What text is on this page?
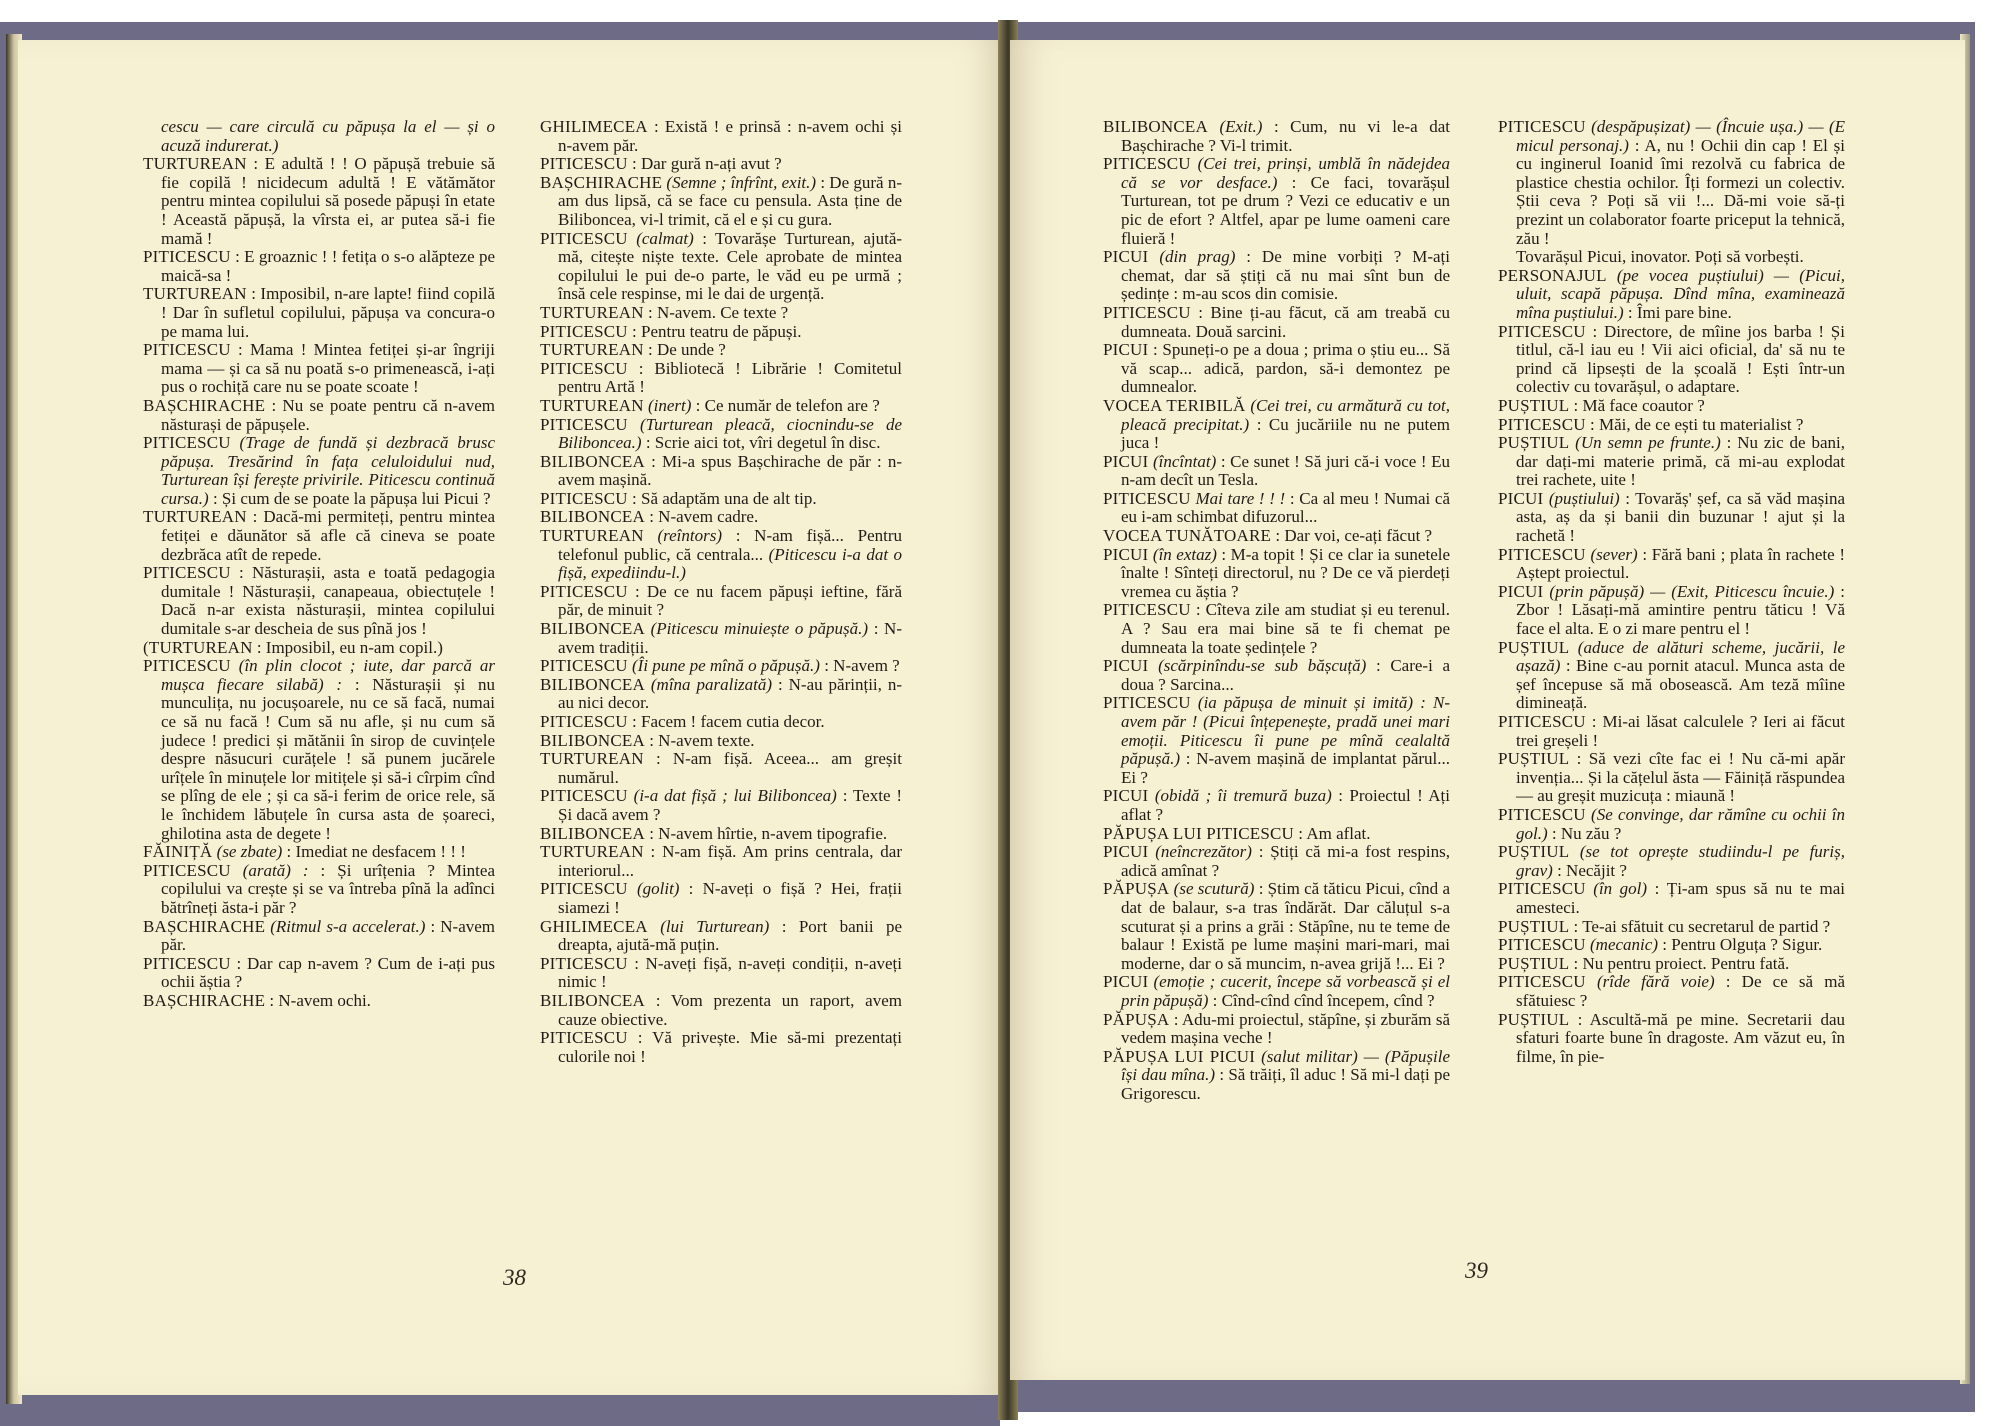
cescu — care circulă cu păpușa la el — și o acuză indurerat.)

TURTUREAN : E adultă ! ! O păpușă trebuie să fie copilă ! nicidecum adultă ! E vătămător pentru mintea copilului să posede păpuși în etate ! Această păpușă, la vîrsta ei, ar putea să-i fie mamă !

PITICESCU : E groaznic ! ! fetița o s-o alăpteze pe maică-sa !

TURTUREAN : Imposibil, n-are lapte! fiind copilă ! Dar în sufletul copilului, păpușa va concura-o pe mama lui.

PITICESCU : Mama ! Mintea fetiței și-ar îngriji mama — și ca să nu poată s-o primenească, i-ați pus o rochiță care nu se poate scoate !

BAȘCHIRACHE : Nu se poate pentru că n-avem năsturași de păpușele.

PITICESCU (Trage de fundă și dezbracă brusc păpușa. Tresărind în fața celuloidului nud, Turturean își ferește privirile. Piticescu continuă cursa.) : Și cum de se poate la păpușa lui Picui ?

TURTUREAN : Dacă-mi permiteți, pentru mintea fetiței e dăunător să afle că cineva se poate dezbrăca atît de repede.

PITICESCU : Năsturașii, asta e toată pedagogia dumitale ! Năsturașii, canapeaua, obiectuțele ! Dacă n-ar exista năsturașii, mintea copilului dumitale s-ar descheia de sus pînă jos !

(TURTUREAN : Imposibil, eu n-am copil.)

PITICESCU (în plin clocot ; iute, dar parcă ar mușca fiecare silabă) : : Năsturașii și nu munculița, nu jocușoarele, nu ce să facă, numai ce să nu facă ! Cum să nu afle, și nu cum să judece ! predici și mătănii în sirop de cuvințele despre năsucuri curățele ! să punem jucărele urîțele în minuțele lor mitițele și să-i cîrpim cînd se plîng de ele ; și ca să-i ferim de orice rele, să le închidem lăbuțele în cursa asta de șoareci, ghilotina asta de degete !

FĂINIȚĂ (se zbate) : Imediat ne desfacem ! ! !

PITICESCU (arată) : : Și urîțenia ? Mintea copilului va crește și se va întreba pînă la adînci bătrîneți ăsta-i păr ?

BAȘCHIRACHE (Ritmul s-a accelerat.) : N-avem păr.

PITICESCU : Dar cap n-avem ? Cum de i-ați pus ochii ăștia ?

BAȘCHIRACHE : N-avem ochi.

GHILIMECEA : Există ! e prinsă : n-avem ochi și n-avem păr.

PITICESCU : Dar gură n-ați avut ?

BAȘCHIRACHE (Semne ; înfrînt, exit.) : De gură n-am dus lipsă, că se face cu pensula. Asta ține de Biliboncea, vi-l trimit, că el e și cu gura.

PITICESCU (calmat) : Tovarășe Turturean, ajută-mă, citește niște texte. Cele aprobate de mintea copilului le pui de-o parte, le văd eu pe urmă ; însă cele respinse, mi le dai de urgență.

TURTUREAN : N-avem. Ce texte ?

PITICESCU : Pentru teatru de păpuși.

TURTUREAN : De unde ?

PITICESCU : Bibliotecă ! Librărie ! Comitetul pentru Artă !

TURTUREAN (inert) : Ce număr de telefon are ?

PITICESCU (Turturean pleacă, ciocnindu-se de Biliboncea.) : Scrie aici tot, vîri degetul în disc.

BILIBONCEA : Mi-a spus Bașchirache de păr : n-avem mașină.

PITICESCU : Să adaptăm una de alt tip.

BILIBONCEA : N-avem cadre.

TURTUREAN (reîntors) : N-am fișă... Pentru telefonul public, că centrala... (Piticescu i-a dat o fișă, expediindu-l.)

PITICESCU : De ce nu facem păpuși ieftine, fără păr, de minuit ?

BILIBONCEA (Piticescu minuiește o păpușă.) : N-avem tradiții.

PITICESCU (Îi pune pe mînă o păpușă.) : N-avem ?

BILIBONCEA (mîna paralizată) : N-au părinții, n-au nici decor.

PITICESCU : Facem ! facem cutia decor.

BILIBONCEA : N-avem texte.

TURTUREAN : N-am fișă. Aceea... am greșit numărul.

PITICESCU (i-a dat fișă ; lui Biliboncea) : Texte ! Și dacă avem ?

BILIBONCEA : N-avem hîrtie, n-avem tipografie.

TURTUREAN : N-am fișă. Am prins centrala, dar interiorul...

PITICESCU (golit) : N-aveți o fișă ? Hei, frații siamezi !

GHILIMECEA (lui Turturean) : Port banii pe dreapta, ajută-mă puțin.

PITICESCU : N-aveți fișă, n-aveți condiții, n-aveți nimic !

BILIBONCEA : Vom prezenta un raport, avem cauze obiective.

PITICESCU : Vă privește. Mie să-mi prezentați culorile noi !

38

BILIBONCEA (Exit.) : Cum, nu vi le-a dat Bașchirache ? Vi-l trimit.

PITICESCU (Cei trei, prinși, umblă în nădejdea că se vor desface.) : Ce faci, tovarășul Turturean, tot pe drum ? Vezi ce educativ e un pic de efort ? Altfel, apar pe lume oameni care fluieră !

PICUI (din prag) : De mine vorbiți ? M-ați chemat, dar să știți că nu mai sînt bun de ședințe : m-au scos din comisie.

PITICESCU : Bine ți-au făcut, că am treabă cu dumneata. Două sarcini.

PICUI : Spuneți-o pe a doua ; prima o știu eu... Să vă scap... adică, pardon, să-i demontez pe dumnealor.

VOCEA TERIBILĂ (Cei trei, cu armătură cu tot, pleacă precipitat.) : Cu jucăriile nu ne putem juca !

PICUI (încîntat) : Ce sunet ! Să juri că-i voce ! Eu n-am decît un Tesla.

PITICESCU Mai tare ! ! ! : Ca al meu ! Numai că eu i-am schimbat difuzorul...

VOCEA TUNĂTOARE : Dar voi, ce-ați făcut ?

PICUI (în extaz) : M-a topit ! Și ce clar ia sunetele înalte ! Sînteți directorul, nu ? De ce vă pierdeți vremea cu ăștia ?

PITICESCU : Cîteva zile am studiat și eu terenul. A ? Sau era mai bine să te fi chemat pe dumneata la toate ședințele ?

PICUI (scărpinîndu-se sub bășcuță) : Care-i a doua ? Sarcina...

PITICESCU (ia păpușa de minuit și imită) : N-avem păr ! (Picui înțepenește, pradă unei mari emoții. Piticescu îi pune pe mînă cealaltă păpușă.) : N-avem mașină de implantat părul... Ei ?

PICUI (obidă ; îi tremură buza) : Proiectul ! Ați aflat ?

PĂPUȘA LUI PITICESCU : Am aflat.

PICUI (neîncrezător) : Știți că mi-a fost respins, adică amînat ?

PĂPUȘA (se scutură) : Știm că tăticu Picui, cînd a dat de balaur, s-a tras îndărăt. Dar căluțul s-a scuturat și a prins a grăi : Stăpîne, nu te teme de balaur ! Există pe lume mașini mari-mari, mai moderne, dar o să muncim, n-avea grijă !... Ei ?

PICUI (emoție ; cucerit, începe să vorbească și el prin păpușă) : Cînd-cînd cînd începem, cînd ?

PĂPUȘA : Adu-mi proiectul, stăpîne, și zburăm să vedem mașina veche !

PĂPUȘA LUI PICUI (salut militar) — (Păpușile își dau mîna.) : Să trăiți, îl aduc ! Să mi-l dați pe Grigorescu.

PITICESCU (despăpușizat) — (Încuie ușa.) — (E micul personaj.) : A, nu ! Ochii din cap ! El și cu inginerul Ioanid îmi rezolvă cu fabrica de plastice chestia ochilor. Îți formezi un colectiv. Știi ceva ? Poți să vii !... Dă-mi voie să-ți prezint un colaborator foarte priceput la tehnică, zău !

Tovarășul Picui, inovator. Poți să vorbești.

PERSONAJUL (pe vocea puștiului) — (Picui, uluit, scapă păpușa. Dînd mîna, examinează mîna puștiului.) : Îmi pare bine.

PITICESCU : Directore, de mîine jos barba ! Și titlul, că-l iau eu ! Vii aici oficial, da' să nu te prind că lipsești de la școală ! Ești într-un colectiv cu tovarășul, o adaptare.

PUȘTIUL : Mă face coautor ?

PITICESCU : Măi, de ce ești tu materialist ?

PUȘTIUL (Un semn pe frunte.) : Nu zic de bani, dar dați-mi materie primă, că mi-au explodat trei rachete, uite !

PICUI (puștiului) : Tovarăș' șef, ca să văd mașina asta, aș da și banii din buzunar ! ajut și la rachetă !

PITICESCU (sever) : Fără bani ; plata în rachete ! Aștept proiectul.

PICUI (prin păpușă) — (Exit, Piticescu încuie.) : Zbor ! Lăsați-mă amintire pentru tăticu ! Vă face el alta. E o zi mare pentru el !

PUȘTIUL (aduce de alături scheme, jucării, le așază) : Bine c-au pornit atacul. Munca asta de șef începuse să mă obosească. Am teză mîine dimineață.

PITICESCU : Mi-ai lăsat calculele ? Ieri ai făcut trei greșeli !

PUȘTIUL : Să vezi cîte fac ei ! Nu că-mi apăr invenția... Și la cățelul ăsta — Făiniță răspundea — au greșit muzicuța : miaună !

PITICESCU (Se convinge, dar rămîne cu ochii în gol.) : Nu zău ?

PUȘTIUL (se tot oprește studiindu-l pe furiș, grav) : Necăjit ?

PITICESCU (în gol) : Ți-am spus să nu te mai amesteci.

PUȘTIUL : Te-ai sfătuit cu secretarul de partid ?

PITICESCU (mecanic) : Pentru Olguța ? Sigur.

PUȘTIUL : Nu pentru proiect. Pentru fată.

PITICESCU (rîde fără voie) : De ce să mă sfătuiesc ?

PUȘTIUL : Ascultă-mă pe mine. Secretarii dau sfaturi foarte bune în dragoste. Am văzut eu, în filme, în pie-

39
